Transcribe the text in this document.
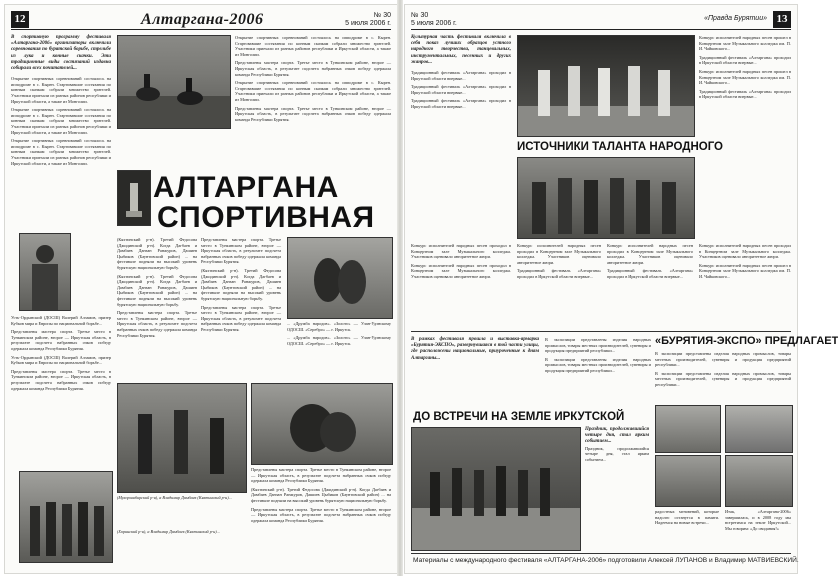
12	Алтаргана-2006	№ 30
5 июля 2006 г.
В спортивную программу фестиваля «Алтаргана-2006» организаторы включили соревнования по бурятской борьбе, стрельбе из лука и конные скачки. Эти традиционные виды состязаний издавна собирали всех почитателей...

Открытие спортивных соревнований состоялось на ипподроме в с. Кырен. Стартовавшие состязания по конным скачкам собрали множество зрителей. Участники приехали из разных районов республики и Иркутской области, а также из Монголии.

Открытие спортивных соревнований состоялось на ипподроме в с. Кырен. Стартовавшие состязания по конным скачкам собрали множество зрителей. Участники приехали из разных районов республики и Иркутской области, а также из Монголии.

Открытие спортивных соревнований состоялось на ипподроме в с. Кырен. Стартовавшие состязания по конным скачкам собрали множество зрителей. Участники приехали из разных районов республики и Иркутской области, а также из Монголии.

Открытие спортивных соревнований состоялось на ипподроме в с. Кырен. Стартовавшие состязания по конным скачкам собрали множество зрителей. Участники приехали из разных районов республики и Иркутской области, а также из Монголии.

Представлены мастера спорта. Третье место в Тункинском районе, второе — Иркутская область, в результате подсчета набранных очков победу одержала команда Республики Бурятия.

Открытие спортивных соревнований состоялось на ипподроме в с. Кырен. Стартовавшие состязания по конным скачкам собрали множество зрителей. Участники приехали из разных районов республики и Иркутской области, а также из Монголии.

Представлены мастера спорта. Третье место в Тункинском районе, второе — Иркутская область, в результате подсчета набранных очков победу одержала команда Республики Бурятия.

АЛТАРГАНА
СПОРТИВНАЯ

(Кяхтинский р-н). Третий Федосова (Джидинский р-н). Когда Дагбаев и Дамбаев Данзан Ранжуров, Дашиев Цыбиков (Баунтовский район) ... на фестивале подняли на высокий уровень бурятскую национальную борьбу.

(Кяхтинский р-н). Третий Федосова (Джидинский р-н). Когда Дагбаев и Дамбаев Данзан Ранжуров, Дашиев Цыбиков (Баунтовский район) ... на фестивале подняли на высокий уровень бурятскую национальную борьбу.

Представлены мастера спорта. Третье место в Тункинском районе, второе — Иркутская область, в результате подсчета набранных очков победу одержала команда Республики Бурятия.

Представлены мастера спорта. Третье место в Тункинском районе, второе — Иркутская область, в результате подсчета набранных очков победу одержала команда Республики Бурятия.

(Кяхтинский р-н). Третий Федосова (Джидинский р-н). Когда Дагбаев и Дамбаев Данзан Ранжуров, Дашиев Цыбиков (Баунтовский район) ... на фестивале подняли на высокий уровень бурятскую национальную борьбу.

Представлены мастера спорта. Третье место в Тункинском районе, второе — Иркутская область, в результате подсчета набранных очков победу одержала команда Республики Бурятия.

... «Дружба народов». «Золото» — Улан-Удэнскому ОДОСШ. «Серебро» — г. Иркутск.

... «Дружба народов». «Золото» — Улан-Удэнскому ОДОСШ. «Серебро» — г. Иркутск.

Усть-Ордынский (ДОСШ) Валерий Алзамов, призер Кубков мира и Европы по национальной борьбе...

Представлены мастера спорта. Третье место в Тункинском районе, второе — Иркутская область, в результате подсчета набранных очков победу одержала команда Республики Бурятия.

Усть-Ордынский (ДОСШ) Валерий Алзамов, призер Кубков мира и Европы по национальной борьбе...

Представлены мастера спорта. Третье место в Тункинском районе, второе — Иркутская область, в результате подсчета набранных очков победу одержала команда Республики Бурятия.

(Мухоршибирский р-н), а Владимир Дамбаев (Кяхтинский р-н)...

Представлены мастера спорта. Третье место в Тункинском районе, второе — Иркутская область, в результате подсчета набранных очков победу одержала команда Республики Бурятия.

(Кяхтинский р-н). Третий Федосова (Джидинский р-н). Когда Дагбаев и Дамбаев Данзан Ранжуров, Дашиев Цыбиков (Баунтовский район) ... на фестивале подняли на высокий уровень бурятскую национальную борьбу.

Представлены мастера спорта. Третье место в Тункинском районе, второе — Иркутская область, в результате подсчета набранных очков победу одержала команда Республики Бурятия.

(Хоринский р-н), а Владимир Дамбаев (Кяхтинский р-н)...
№ 30
5 июля 2006 г.
«Правда Бурятии» 13
Культурная часть фестиваля включила в себя показ лучших образцов устного народного творчества, танцевальных, инструментальных, песенных и других жанров...

Традиционный фестиваль «Алтаргана» проходил в Иркутской области впервые...

Традиционный фестиваль «Алтаргана» проходил в Иркутской области впервые...

Традиционный фестиваль «Алтаргана» проходил в Иркутской области впервые...

Конкурс исполнителей народных песен прошел в Концертном зале Музыкального колледжа им. П. И. Чайковского...

Традиционный фестиваль «Алтаргана» проходил в Иркутской области впервые...

Конкурс исполнителей народных песен прошел в Концертном зале Музыкального колледжа им. П. И. Чайковского...

Традиционный фестиваль «Алтаргана» проходил в Иркутской области впервые...

ИСТОЧНИКИ ТАЛАНТА НАРОДНОГО

Конкурс исполнителей народных песен проходил в Концертном зале Музыкального колледжа. Участников оценивало авторитетное жюри.

Конкурс исполнителей народных песен проходил в Концертном зале Музыкального колледжа. Участников оценивало авторитетное жюри.

Конкурс исполнителей народных песен проходил в Концертном зале Музыкального колледжа. Участников оценивало авторитетное жюри.

Традиционный фестиваль «Алтаргана» проходил в Иркутской области впервые...

Конкурс исполнителей народных песен проходил в Концертном зале Музыкального колледжа. Участников оценивало авторитетное жюри.

Традиционный фестиваль «Алтаргана» проходил в Иркутской области впервые...

Конкурс исполнителей народных песен проходил в Концертном зале Музыкального колледжа. Участников оценивало авторитетное жюри.

Конкурс исполнителей народных песен прошел в Концертном зале Музыкального колледжа им. П. И. Чайковского...

В рамках фестиваля прошла и выставка-ярмарка «Бурятия-ЭКСПО», развернувшаяся в той части улицы, где расположены национальные, приуроченные к дням Алтарганы...

В экспозиции представлены изделия народных промыслов, товары местных производителей, сувениры и продукция предприятий республики...

В экспозиции представлены изделия народных промыслов, товары местных производителей, сувениры и продукция предприятий республики...

«БУРЯТИЯ-ЭКСПО» ПРЕДЛАГАЕТ

В экспозиции представлены изделия народных промыслов, товары местных производителей, сувениры и продукция предприятий республики...

В экспозиции представлены изделия народных промыслов, товары местных производителей, сувениры и продукция предприятий республики...

ДО ВСТРЕЧИ НА ЗЕМЛЕ ИРКУТСКОЙ
Праздник, продолжавшийся четыре дня, стал ярким событием...

Праздник, продолжавшийся четыре дня, стал ярким событием...

радостных мгновений, которые надолго останутся в памяти. Надеемся на новые встречи...

Итак, «Алтаргана-2006» завершилась, и в 2008 году мы встретимся на земле Иркутской... Мы говорим: «До свидания!»

Материалы с международного фестиваля «АЛТАРГАНА-2006» подготовили Алексей ЛУПАНОВ и Владимир МАТВИЕВСКИЙ.
